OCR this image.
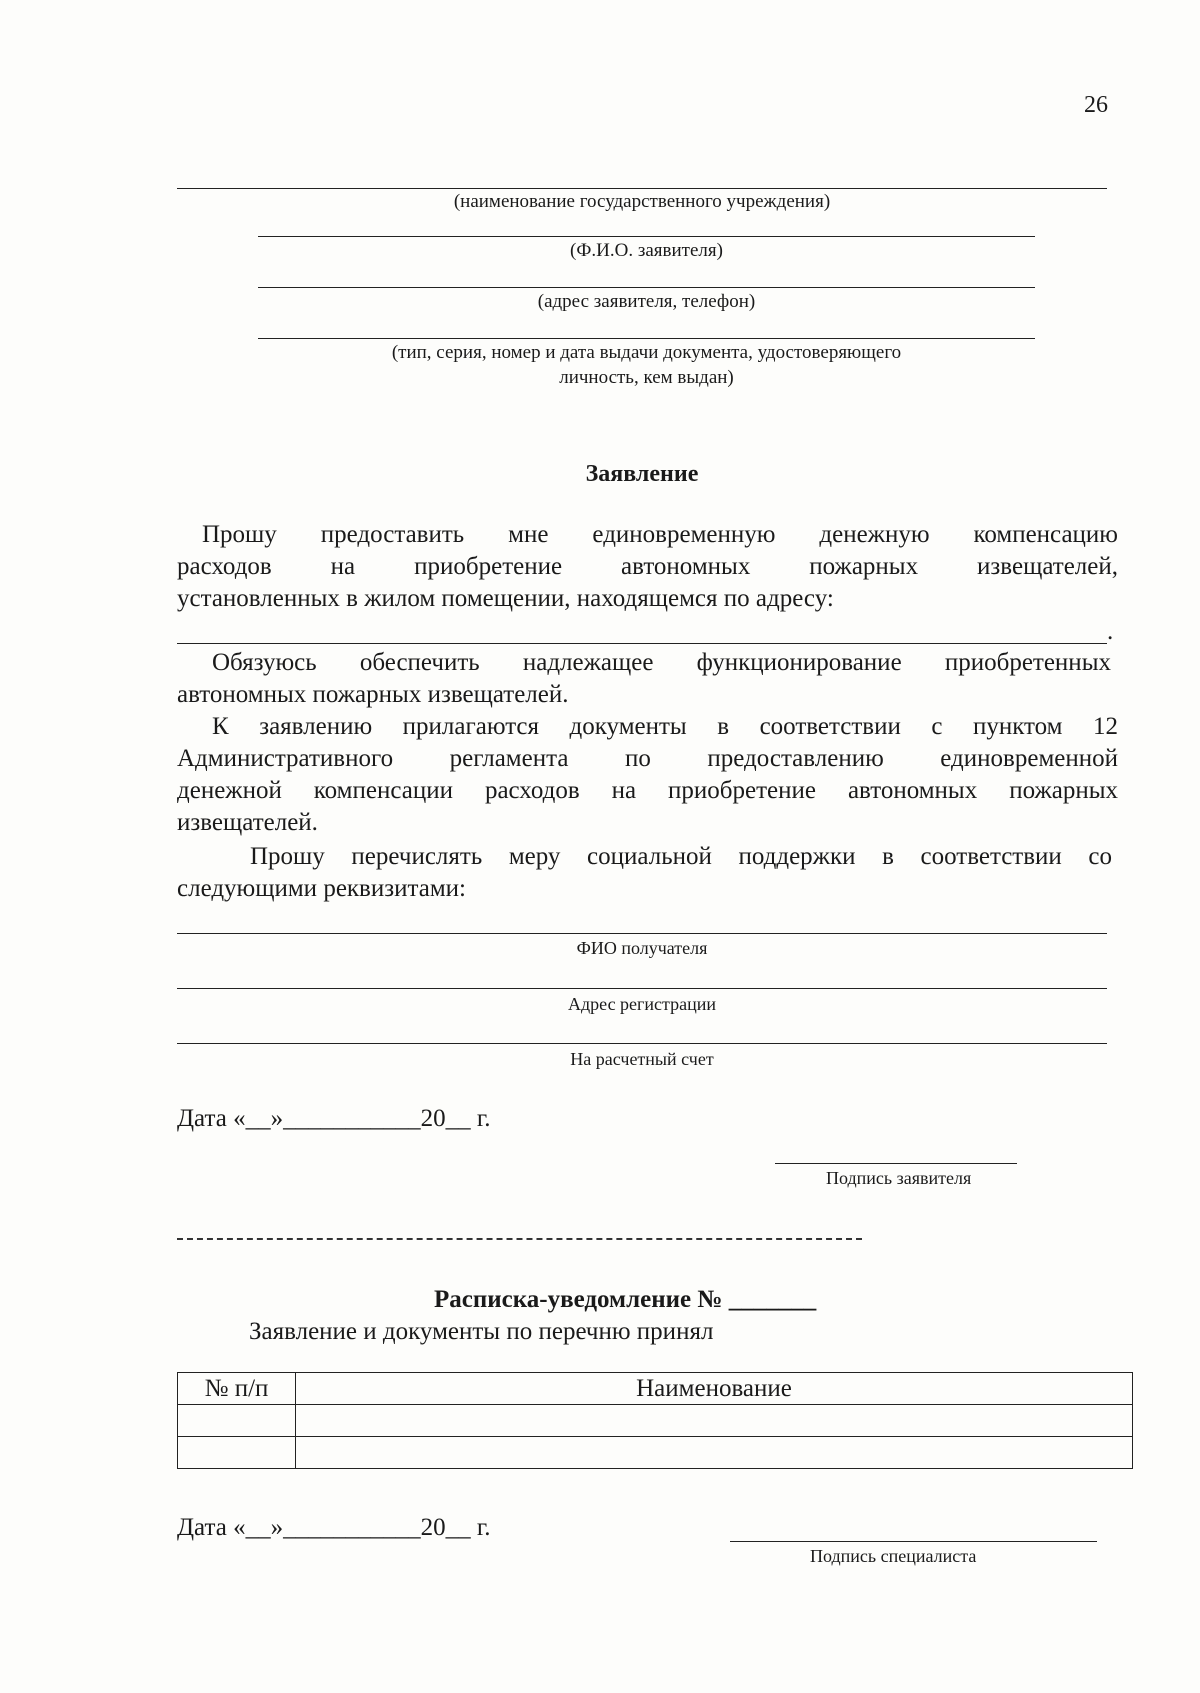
26
(наименование государственного учреждения)
(Ф.И.О. заявителя)
(адрес заявителя, телефон)
(тип, серия, номер и дата выдачи документа, удостоверяющего
личность, кем выдан)
Заявление
Прошу предоставить мне единовременную денежную компенсацию
расходов на приобретение автономных пожарных извещателей,
установленных в жилом помещении, находящемся по адресу:
.
Обязуюсь обеспечить надлежащее функционирование приобретенных
автономных пожарных извещателей.
К заявлению прилагаются документы в соответствии с пунктом 12
Административного регламента по предоставлению единовременной
денежной компенсации расходов на приобретение автономных пожарных
извещателей.
Прошу перечислять меру социальной поддержки в соответствии со
следующими реквизитами:
ФИО получателя
Адрес регистрации
На расчетный счет
Дата «__»___________20__ г.
Подпись заявителя
Расписка-уведомление № _______
Заявление и документы по перечню принял
№ п/п	Наименование

Дата «__»___________20__ г.
Подпись специалиста
